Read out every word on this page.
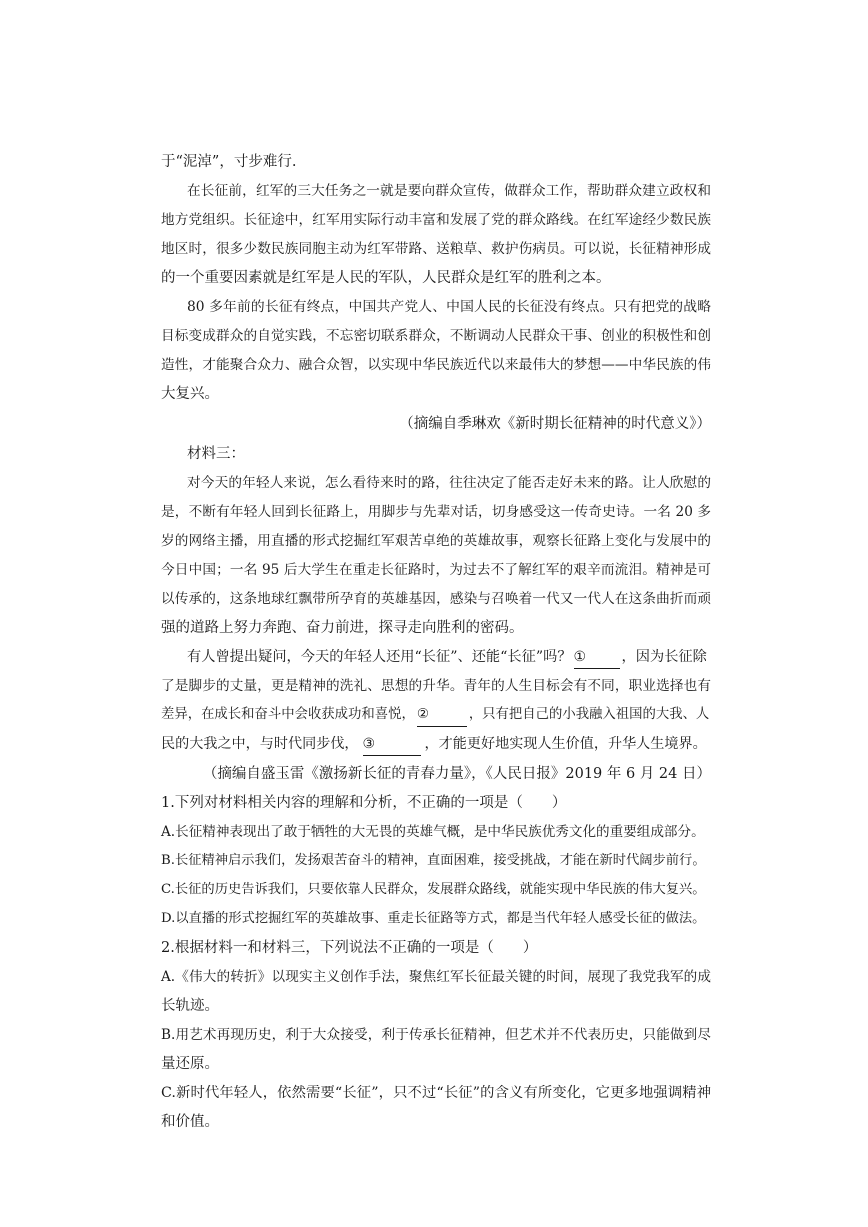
于“泥淖”，寸步难行.
在长征前，红军的三大任务之一就是要向群众宣传，做群众工作，帮助群众建立政权和
地方党组织。长征途中，红军用实际行动丰富和发展了党的群众路线。在红军途经少数民族
地区时，很多少数民族同胞主动为红军带路、送粮草、救护伤病员。可以说，长征精神形成
的一个重要因素就是红军是人民的军队，人民群众是红军的胜利之本。
80 多年前的长征有终点，中国共产党人、中国人民的长征没有终点。只有把党的战略
目标变成群众的自觉实践，不忘密切联系群众，不断调动人民群众干事、创业的积极性和创
造性，才能聚合众力、融合众智，以实现中华民族近代以来最伟大的梦想——中华民族的伟
大复兴。
（摘编自季琳欢《新时期长征精神的时代意义》）
材料三：
对今天的年轻人来说，怎么看待来时的路，往往决定了能否走好未来的路。让人欣慰的
是，不断有年轻人回到长征路上，用脚步与先辈对话，切身感受这一传奇史诗。一名 20 多
岁的网络主播，用直播的形式挖掘红军艰苦卓绝的英雄故事，观察长征路上变化与发展中的
今日中国；一名 95 后大学生在重走长征路时，为过去不了解红军的艰辛而流泪。精神是可
以传承的，这条地球红飘带所孕育的英雄基因，感染与召唤着一代又一代人在这条曲折而顽
强的道路上努力奔跑、奋力前进，探寻走向胜利的密码。
有人曾提出疑问，今天的年轻人还用“长征”、还能“长征”吗？ ① ，因为长征除
了是脚步的丈量，更是精神的洗礼、思想的升华。青年的人生目标会有不同，职业选择也有
差异，在成长和奋斗中会收获成功和喜悦， ②	，只有把自己的小我融入祖国的大我、人
民的大我之中，与时代同步伐， ③	，才能更好地实现人生价值，升华人生境界。
（摘编自盛玉雷《激扬新长征的青春力量》，《人民日报》2019 年 6 月 24 日）
1.下列对材料相关内容的理解和分析，不正确的一项是（　　）
A.长征精神表现出了敢于牺牲的大无畏的英雄气概，是中华民族优秀文化的重要组成部分。
B.长征精神启示我们，发扬艰苦奋斗的精神，直面困难，接受挑战，才能在新时代阔步前行。
C.长征的历史告诉我们，只要依靠人民群众，发展群众路线，就能实现中华民族的伟大复兴。
D.以直播的形式挖掘红军的英雄故事、重走长征路等方式，都是当代年轻人感受长征的做法。
2.根据材料一和材料三，下列说法不正确的一项是（　　）
A.《伟大的转折》以现实主义创作手法，聚焦红军长征最关键的时间，展现了我党我军的成
长轨迹。
B.用艺术再现历史，利于大众接受，利于传承长征精神，但艺术并不代表历史，只能做到尽
量还原。
C.新时代年轻人，依然需要“长征”，只不过“长征”的含义有所变化，它更多地强调精神
和价值。
